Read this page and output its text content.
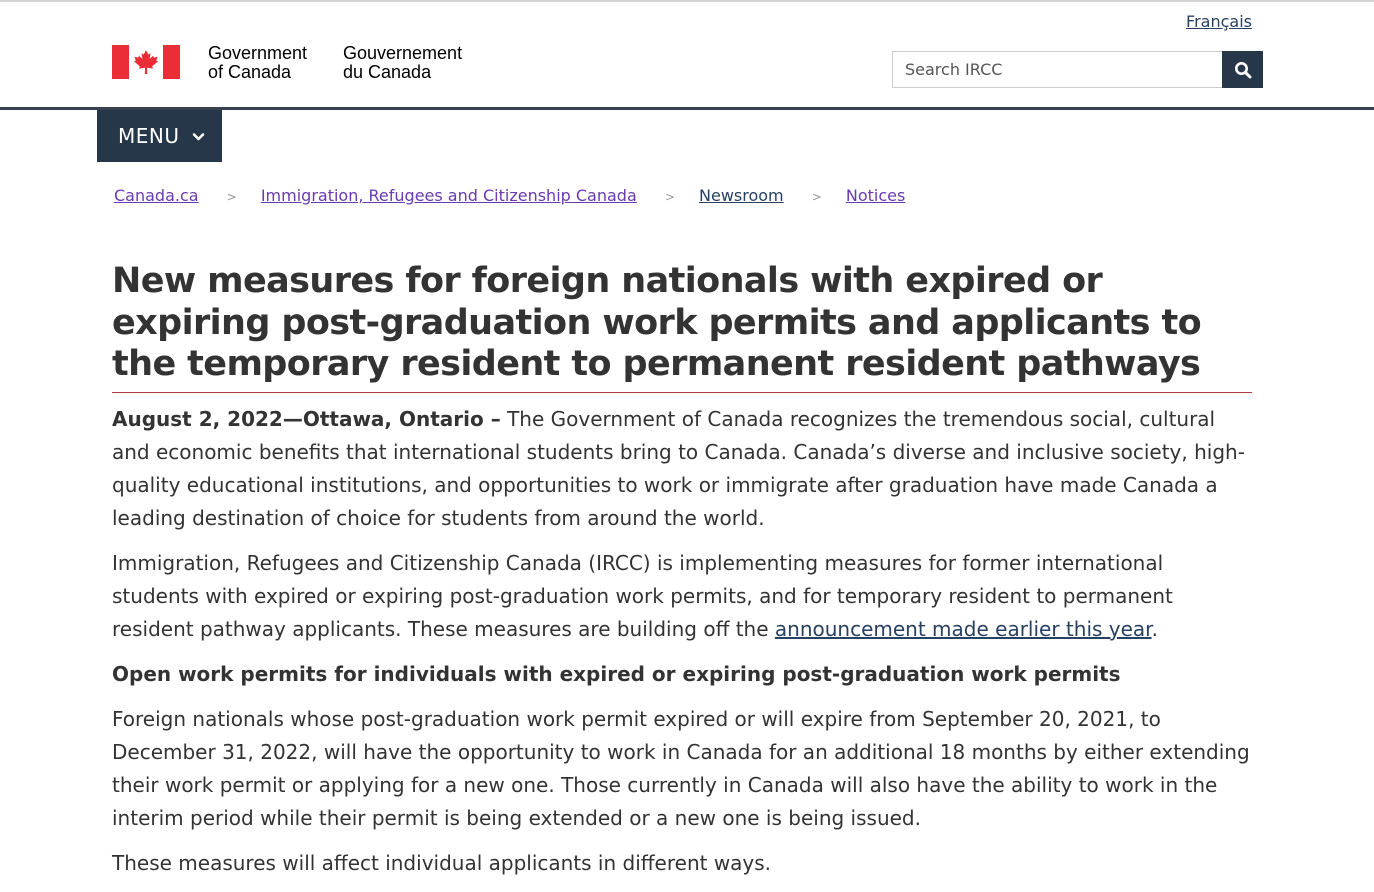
Français
Government
of Canada
Gouvernement
du Canada
Search IRCC
MENU
Canada.ca > Immigration, Refugees and Citizenship Canada > Newsroom > Notices
New measures for foreign nationals with expired or expiring post-graduation work permits and applicants to the temporary resident to permanent resident pathways

August 2, 2022—Ottawa, Ontario – The Government of Canada recognizes the tremendous social, cultural and economic benefits that international students bring to Canada. Canada’s diverse and inclusive society, high-quality educational institutions, and opportunities to work or immigrate after graduation have made Canada a leading destination of choice for students from around the world.

Immigration, Refugees and Citizenship Canada (IRCC) is implementing measures for former international students with expired or expiring post-graduation work permits, and for temporary resident to permanent resident pathway applicants. These measures are building off the announcement made earlier this year.

Open work permits for individuals with expired or expiring post-graduation work permits

Foreign nationals whose post-graduation work permit expired or will expire from September 20, 2021, to December 31, 2022, will have the opportunity to work in Canada for an additional 18 months by either extending their work permit or applying for a new one. Those currently in Canada will also have the ability to work in the interim period while their permit is being extended or a new one is being issued.

These measures will affect individual applicants in different ways.
